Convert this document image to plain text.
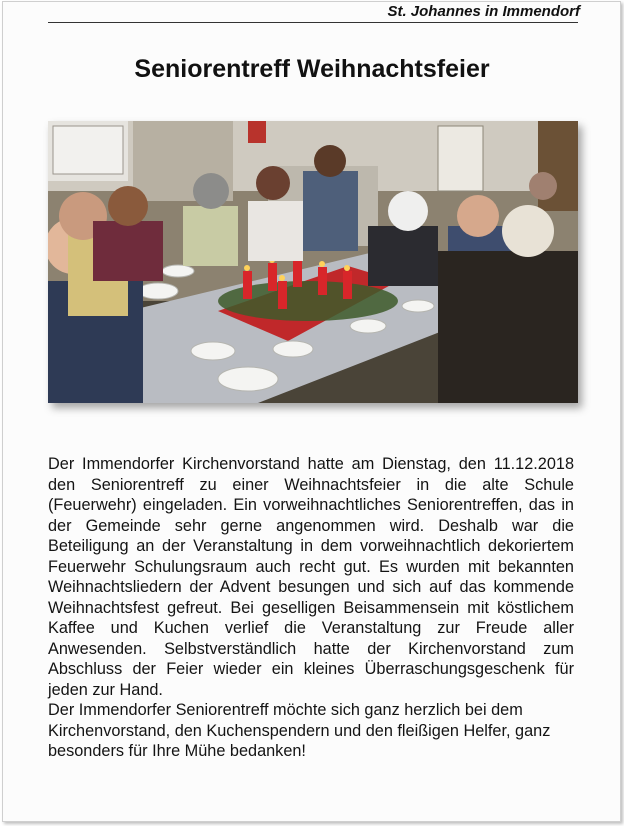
St. Johannes in Immendorf
Seniorentreff Weihnachtsfeier

Der Immendorfer Kirchenvorstand hatte am Dienstag, den 11.12.2018 den Seniorentreff zu einer Weihnachtsfeier in die alte Schule (Feuerwehr) eingeladen. Ein vorweihnachtliches Seniorentreffen, das in der Gemeinde sehr gerne angenommen wird. Deshalb war die Beteiligung an der Veranstaltung in dem vorweihnachtlich dekoriertem Feuerwehr Schulungsraum auch recht gut. Es wurden mit bekannten Weihnachtsliedern der Advent besungen und sich auf das kommende Weihnachtsfest gefreut. Bei geselligen Beisammensein mit köstlichem Kaffee und Kuchen verlief die Veranstaltung zur Freude aller Anwesenden. Selbstverständlich hatte der Kirchenvorstand zum Abschluss der Feier wieder ein kleines Überraschungsgeschenk für jeden zur Hand.

Der Immendorfer Seniorentreff möchte sich ganz herzlich bei dem Kirchenvorstand, den Kuchenspendern und den fleißigen Helfer, ganz besonders für Ihre Mühe bedanken!
